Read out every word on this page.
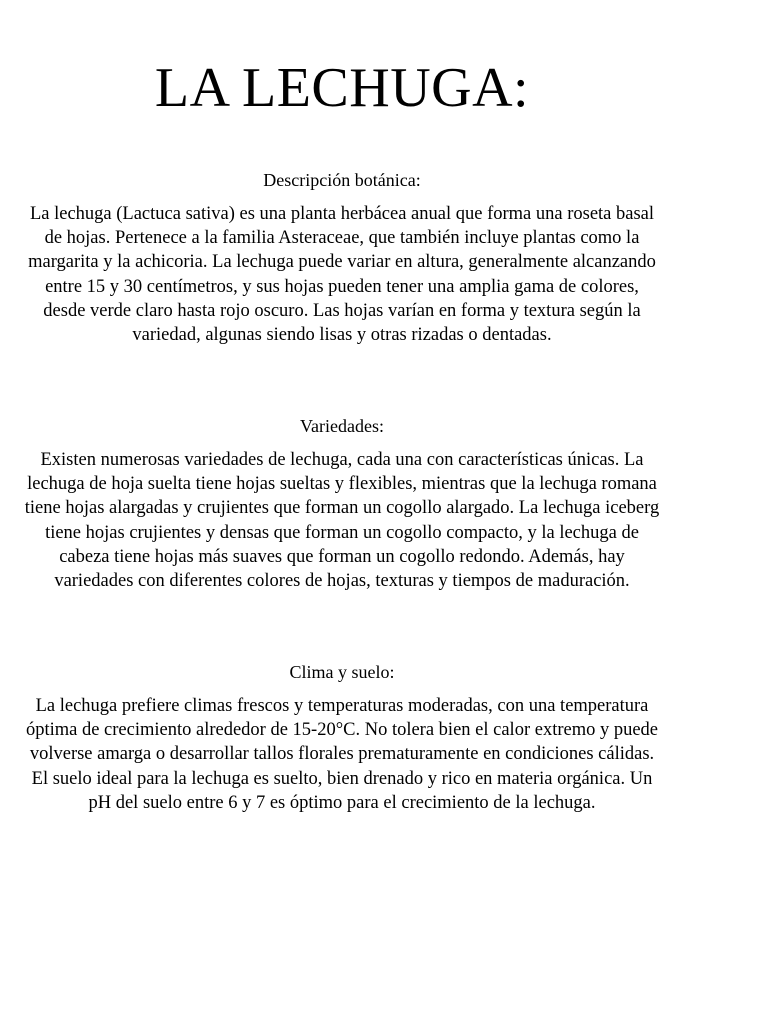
LA LECHUGA:
Descripción botánica:

La lechuga (Lactuca sativa) es una planta herbácea anual que forma una roseta basal de hojas. Pertenece a la familia Asteraceae, que también incluye plantas como la margarita y la achicoria. La lechuga puede variar en altura, generalmente alcanzando entre 15 y 30 centímetros, y sus hojas pueden tener una amplia gama de colores, desde verde claro hasta rojo oscuro. Las hojas varían en forma y textura según la variedad, algunas siendo lisas y otras rizadas o dentadas.

Variedades:

Existen numerosas variedades de lechuga, cada una con características únicas. La lechuga de hoja suelta tiene hojas sueltas y flexibles, mientras que la lechuga romana tiene hojas alargadas y crujientes que forman un cogollo alargado. La lechuga iceberg tiene hojas crujientes y densas que forman un cogollo compacto, y la lechuga de cabeza tiene hojas más suaves que forman un cogollo redondo. Además, hay variedades con diferentes colores de hojas, texturas y tiempos de maduración.

Clima y suelo:

La lechuga prefiere climas frescos y temperaturas moderadas, con una temperatura óptima de crecimiento alrededor de 15-20°C. No tolera bien el calor extremo y puede volverse amarga o desarrollar tallos florales prematuramente en condiciones cálidas. El suelo ideal para la lechuga es suelto, bien drenado y rico en materia orgánica. Un pH del suelo entre 6 y 7 es óptimo para el crecimiento de la lechuga.
